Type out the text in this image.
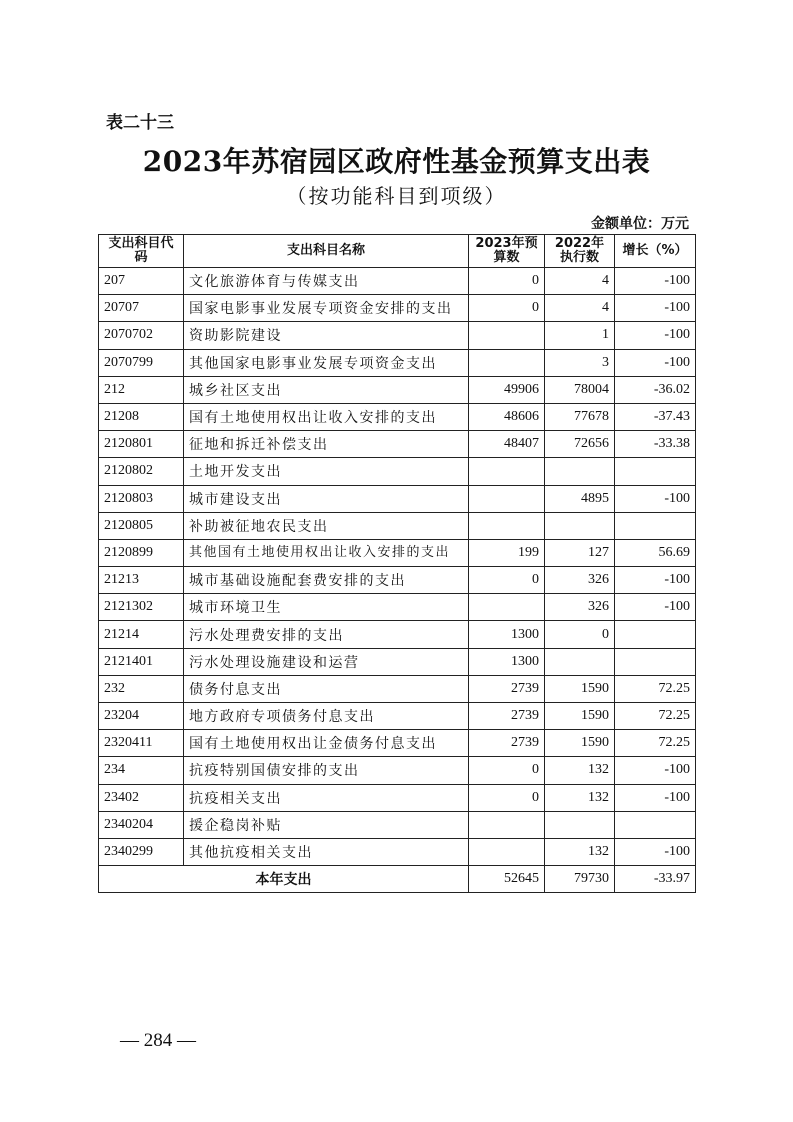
表二十三
2023年苏宿园区政府性基金预算支出表
（按功能科目到项级）
金额单位：万元
支出科目代码	支出科目名称	2023年预算数	2022年执行数	增长（%）
207	文化旅游体育与传媒支出	0	4	-100
20707	国家电影事业发展专项资金安排的支出	0	4	-100
2070702	资助影院建设		1	-100
2070799	其他国家电影事业发展专项资金支出		3	-100
212	城乡社区支出	49906	78004	-36.02
21208	国有土地使用权出让收入安排的支出	48606	77678	-37.43
2120801	征地和拆迁补偿支出	48407	72656	-33.38
2120802	土地开发支出			
2120803	城市建设支出		4895	-100
2120805	补助被征地农民支出			
2120899	其他国有土地使用权出让收入安排的支出	199	127	56.69
21213	城市基础设施配套费安排的支出	0	326	-100
2121302	城市环境卫生		326	-100
21214	污水处理费安排的支出	1300	0	
2121401	污水处理设施建设和运营	1300		
232	债务付息支出	2739	1590	72.25
23204	地方政府专项债务付息支出	2739	1590	72.25
2320411	国有土地使用权出让金债务付息支出	2739	1590	72.25
234	抗疫特别国债安排的支出	0	132	-100
23402	抗疫相关支出	0	132	-100
2340204	援企稳岗补贴			
2340299	其他抗疫相关支出		132	-100
本年支出		52645	79730	-33.97
— 284 —
